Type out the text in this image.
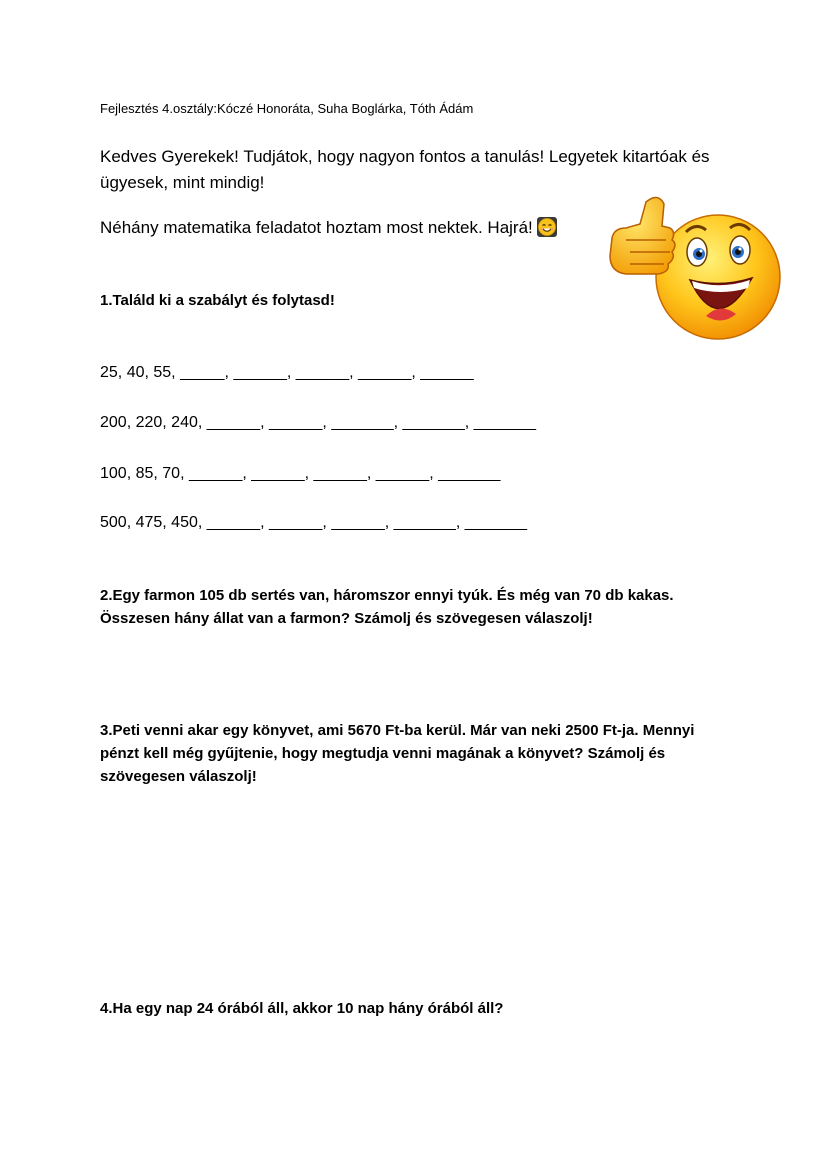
Fejlesztés 4.osztály:Kóczé Honoráta, Suha Boglárka, Tóth Ádám
Kedves Gyerekek! Tudjátok, hogy nagyon fontos a tanulás! Legyetek kitartóak és ügyesek, mint mindig!
Néhány matematika feladatot hoztam most nektek. Hajrá!
1.Találd ki a szabályt és folytasd!
25, 40, 55, _____, ______, ______, ______, ______
200, 220, 240, ______, ______, _______, _______, _______
100, 85, 70, ______, ______, ______, ______, _______
500, 475, 450, ______, ______, ______, _______, _______
2.Egy farmon 105 db sertés van, háromszor ennyi tyúk. És még van 70 db kakas. Összesen hány állat van a farmon? Számolj és szövegesen válaszolj!
3.Peti venni akar egy könyvet, ami 5670 Ft-ba kerül. Már van neki 2500 Ft-ja. Mennyi pénzt kell még gyűjtenie, hogy megtudja venni magának a könyvet? Számolj és szövegesen válaszolj!
4.Ha egy nap 24 órából áll, akkor 10 nap hány órából áll?
